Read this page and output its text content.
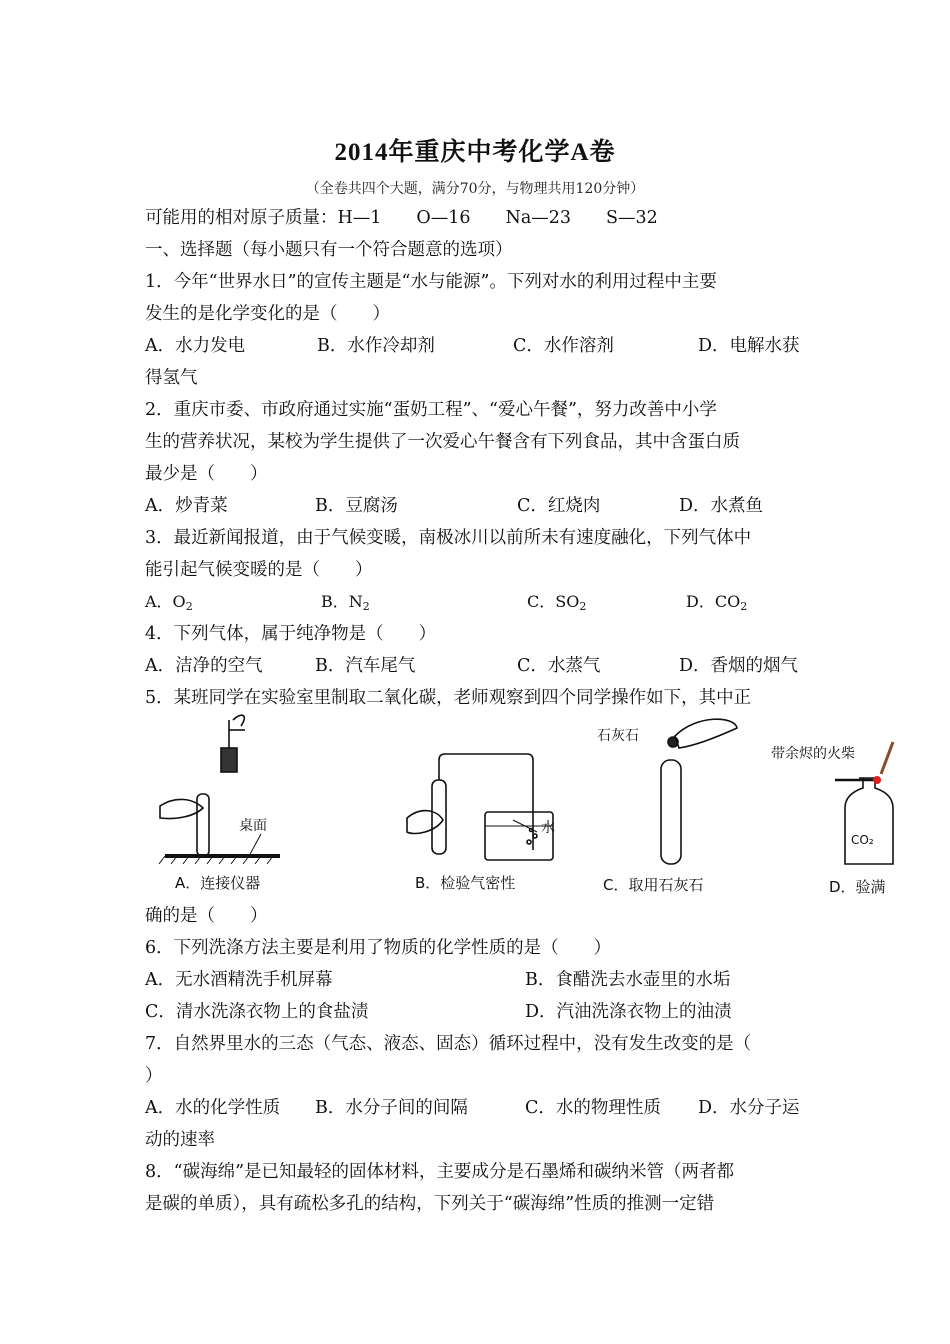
2014年重庆中考化学A卷
（全卷共四个大题，满分70分，与物理共用120分钟）
可能用的相对原子质量：H—1　　O—16　　Na—23　　S—32
一、选择题（每小题只有一个符合题意的选项）
1．今年“世界水日”的宣传主题是“水与能源”。下列对水的利用过程中主要
发生的是化学变化的是（　　）
A．水力发电	B．水作冷却剂	C．水作溶剂	D．电解水获
得氢气
2．重庆市委、市政府通过实施“蛋奶工程”、“爱心午餐”，努力改善中小学
生的营养状况，某校为学生提供了一次爱心午餐含有下列食品，其中含蛋白质
最少是（　　）
A．炒青菜	B．豆腐汤	C．红烧肉	D．水煮鱼
3．最近新闻报道，由于气候变暖，南极冰川以前所未有速度融化，下列气体中
能引起气候变暖的是（　　）
A．$O_2$	B．$N_2$	C．$SO_2$	D．$CO_2$
4．下列气体，属于纯净物是（　　）
A．洁净的空气	B．汽车尾气	C．水蒸气	D．香烟的烟气
5．某班同学在实验室里制取二氧化碳，老师观察到四个同学操作如下，其中正
桌面
A．连接仪器
水
B．检验气密性
石灰石
C．取用石灰石
带余烬的火柴
CO₂
D．验满
确的是（　　）
6．下列洗涤方法主要是利用了物质的化学性质的是（　　）
A．无水酒精洗手机屏幕	B．食醋洗去水壶里的水垢
C．清水洗涤衣物上的食盐渍	D．汽油洗涤衣物上的油渍
7．自然界里水的三态（气态、液态、固态）循环过程中，没有发生改变的是（
）
A．水的化学性质 B．水分子间的间隔	C．水的物理性质 D．水分子运
动的速率
8．“碳海绵”是已知最轻的固体材料，主要成分是石墨烯和碳纳米管（两者都
是碳的单质），具有疏松多孔的结构，下列关于“碳海绵”性质的推测一定错
